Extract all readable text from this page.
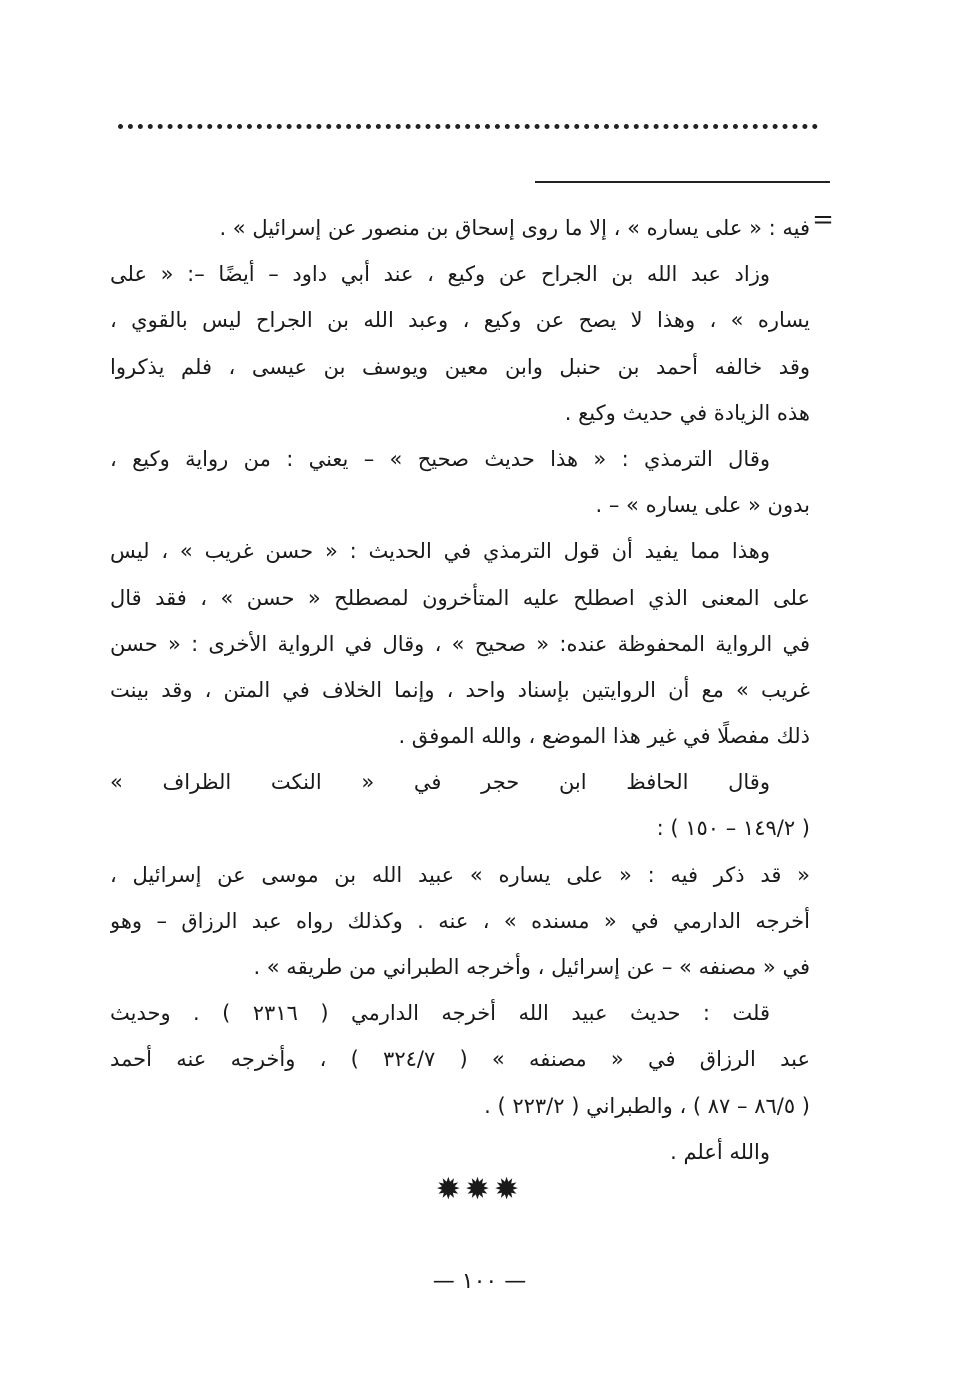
=
فيه : « على يساره » ، إلا ما روى إسحاق بن منصور عن إسرائيل » .
وزاد عبد الله بن الجراح عن وكيع ، عند أبي داود – أيضًا –: « على
يساره » ، وهذا لا يصح عن وكيع ، وعبد الله بن الجراح ليس بالقوي ،
وقد خالفه أحمد بن حنبل وابن معين ويوسف بن عيسى ، فلم يذكروا
هذه الزيادة في حديث وكيع .
وقال الترمذي : « هذا حديث صحيح » – يعني : من رواية وكيع ،
بدون « على يساره » – .
وهذا مما يفيد أن قول الترمذي في الحديث : « حسن غريب » ، ليس
على المعنى الذي اصطلح عليه المتأخرون لمصطلح « حسن » ، فقد قال
في الرواية المحفوظة عنده: « صحيح » ، وقال في الرواية الأخرى : « حسن
غريب » مع أن الروايتين بإسناد واحد ، وإنما الخلاف في المتن ، وقد بينت
ذلك مفصلًا في غير هذا الموضع ، والله الموفق .
وقال الحافظ ابن حجر في « النكت الظراف »
( ١٤٩/٢ – ١٥٠ ) :
« قد ذكر فيه : « على يساره » عبيد الله بن موسى عن إسرائيل ،
أخرجه الدارمي في « مسنده » ، عنه . وكذلك رواه عبد الرزاق – وهو
في « مصنفه » – عن إسرائيل ، وأخرجه الطبراني من طريقه » .
قلت : حديث عبيد الله أخرجه الدارمي ( ٢٣١٦ ) . وحديث
عبد الرزاق في « مصنفه » ( ٣٢٤/٧ ) ، وأخرجه عنه أحمد
( ٨٦/٥ – ٨٧ ) ، والطبراني ( ٢٢٣/٢ ) .
والله أعلم .
✹✹✹
— ١٠٠ —
